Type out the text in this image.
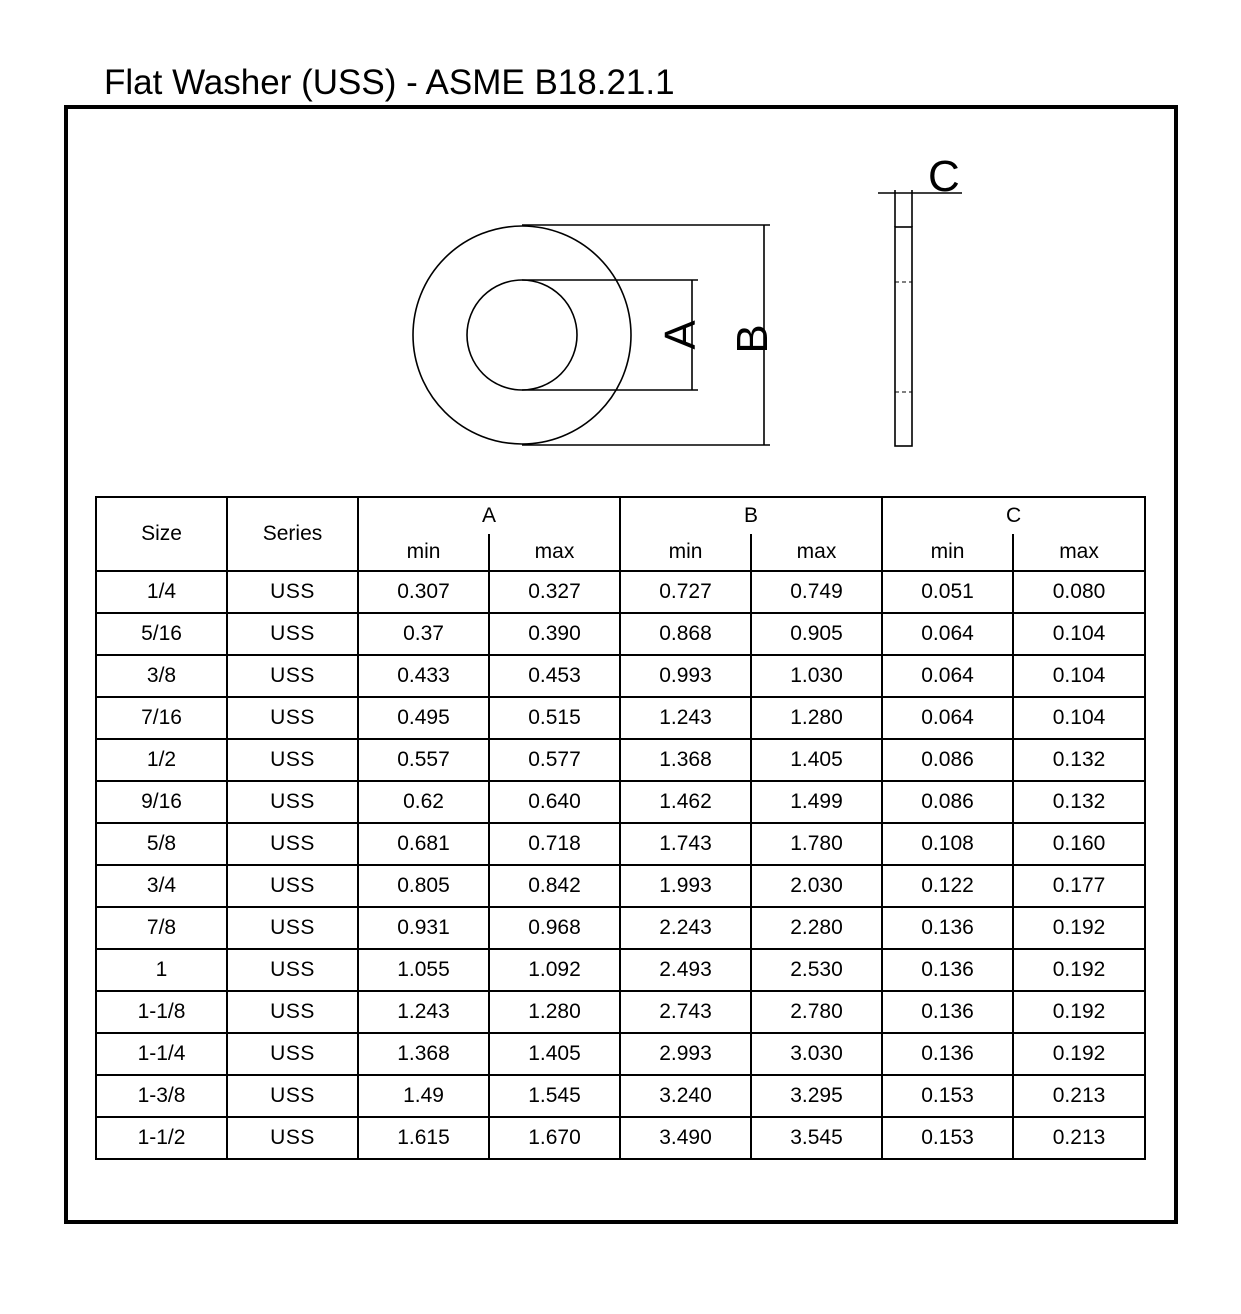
Flat Washer (USS) - ASME B18.21.1
A B
C
Size	Series	A		B		C	
		min	max	min	max	min	max
1/4	USS	0.307	0.327	0.727	0.749	0.051	0.080
5/16	USS	0.37	0.390	0.868	0.905	0.064	0.104
3/8	USS	0.433	0.453	0.993	1.030	0.064	0.104
7/16	USS	0.495	0.515	1.243	1.280	0.064	0.104
1/2	USS	0.557	0.577	1.368	1.405	0.086	0.132
9/16	USS	0.62	0.640	1.462	1.499	0.086	0.132
5/8	USS	0.681	0.718	1.743	1.780	0.108	0.160
3/4	USS	0.805	0.842	1.993	2.030	0.122	0.177
7/8	USS	0.931	0.968	2.243	2.280	0.136	0.192
1	USS	1.055	1.092	2.493	2.530	0.136	0.192
1-1/8	USS	1.243	1.280	2.743	2.780	0.136	0.192
1-1/4	USS	1.368	1.405	2.993	3.030	0.136	0.192
1-3/8	USS	1.49	1.545	3.240	3.295	0.153	0.213
1-1/2	USS	1.615	1.670	3.490	3.545	0.153	0.213
